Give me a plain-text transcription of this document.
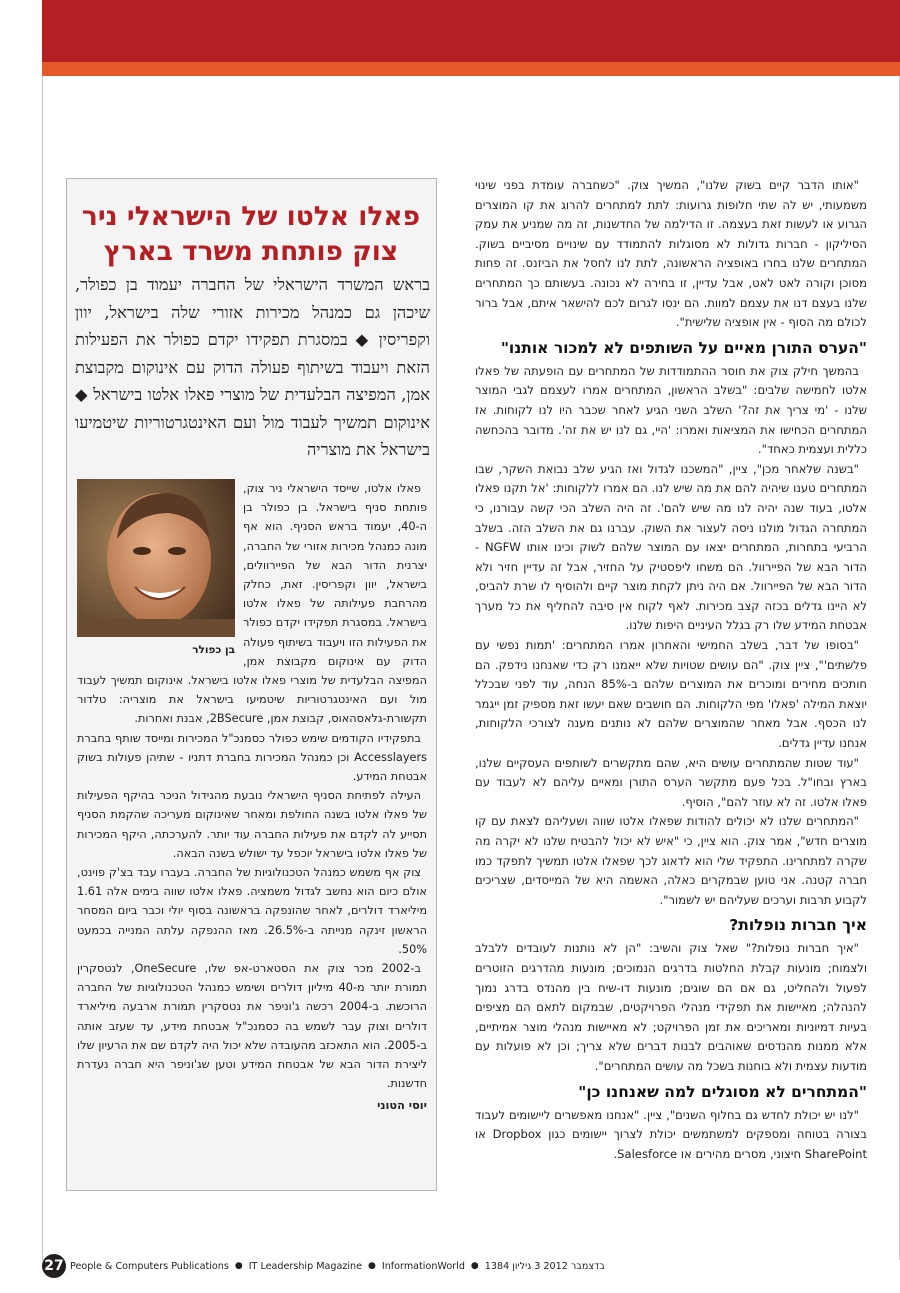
"אותו הדבר קיים בשוק שלנו", המשיך צוק. "כשחברה עומדת בפני שינוי משמעותי, יש לה שתי חלופות גרועות: לתת למתחרים להרוג את קו המוצרים הגרוע או לעשות זאת בעצמה. זו הדילמה של החדשנות, זה מה שמניע את עמק הסיליקון - חברות גדולות לא מסוגלות להתמודד עם שינויים מסיביים בשוק. המתחרים שלנו בחרו באופציה הראשונה, לתת לנו לחסל את הביזנס. זה פחות מסוכן וקורה לאט לאט, אבל עדיין, זו בחירה לא נכונה. בעשותם כך המתחרים שלנו בעצם דנו את עצמם למוות. הם ינסו לגרום לכם להישאר איתם, אבל ברור לכולם מה הסוף - אין אופציה שלישית".

"הערס התורן מאיים על השותפים לא למכור אותנו"

בהמשך חילק צוק את חוסר ההתמודדות של המתחרים עם הופעתה של פאלו אלטו לחמישה שלבים: "בשלב הראשון, המתחרים אמרו לעצמם לגבי המוצר שלנו - 'מי צריך את זה?' השלב השני הגיע לאחר שכבר היו לנו לקוחות. אז המתחרים הכחישו את המציאות ואמרו: 'היי, גם לנו יש את זה'. מדובר בהכחשה כללית ועצמית כאחד".

"בשנה שלאחר מכן", ציין, "המשכנו לגדול ואז הגיע שלב נבואת השקר, שבו המתחרים טענו שיהיה להם את מה שיש לנו. הם אמרו ללקוחות: 'אל תקנו פאלו אלטו, בעוד שנה יהיה לנו מה שיש להם'. זה היה השלב הכי קשה עבורנו, כי המתחרה הגדול מולנו ניסה לעצור את השוק. עברנו גם את השלב הזה. בשלב הרביעי בתחרות, המתחרים יצאו עם המוצר שלהם לשוק וכינו אותו NGFW - הדור הבא של הפיירוול. הם משחו ליפסטיק על החזיר, אבל זה עדיין חזיר ולא הדור הבא של הפיירוול. אם היה ניתן לקחת מוצר קיים ולהוסיף לו שרת להביס, לא היינו גדלים בכזה קצב מכירות. לאף לקוח אין סיבה להחליף את כל מערך אבטחת המידע שלו רק בגלל העיניים היפות שלנו.

"בסופו של דבר, בשלב החמישי והאחרון אמרו המתחרים: 'תמות נפשי עם פלשתים'", ציין צוק. "הם עושים שטויות שלא ייאמנו רק כדי שאנחנו נידפק. הם חותכים מחירים ומוכרים את המוצרים שלהם ב-85% הנחה, עוד לפני שבכלל יוצאת המילה 'פאלו' מפי הלקוחות. הם חושבים שאם יעשו זאת מספיק זמן ייגמר לנו הכסף. אבל מאחר שהמוצרים שלהם לא נותנים מענה לצורכי הלקוחות, אנחנו עדיין גדלים.

"עוד שטות שהמתחרים עושים היא, שהם מתקשרים לשותפים העסקיים שלנו, בארץ ובחו"ל. בכל פעם מתקשר הערס התורן ומאיים עליהם לא לעבוד עם פאלו אלטו. זה לא עוזר להם", הוסיף.

"המתחרים שלנו לא יכולים להודות שפאלו אלטו שווה ושעליהם לצאת עם קו מוצרים חדש", אמר צוק. הוא ציין, כי "איש לא יכול להבטיח שלנו לא יקרה מה שקרה למתחרינו. התפקיד שלי הוא לדאוג לכך שפאלו אלטו תמשיך לתפקד כמו חברה קטנה. אני טוען שבמקרים כאלה, האשמה היא של המייסדים, שצריכים לקבוע תרבות וערכים שעליהם יש לשמור".

איך חברות נופלות?

"איך חברות נופלות?" שאל צוק והשיב: "הן לא נותנות לעובדים ללבלב ולצמוח; מונעות קבלת החלטות בדרגים הנמוכים; מונעות מהדרגים הזוטרים לפעול ולהחליט, גם אם הם שוגים; מונעות דו-שיח בין מהנדס בדרג נמוך להנהלה; מאיישות את תפקידי מנהלי הפרויקטים, שבמקום לתאם הם מציפים בעיות דמיוניות ומאריכים את זמן הפרויקט; לא מאיישות מנהלי מוצר אמיתיים, אלא ממנות מהנדסים שאוהבים לבנות דברים שלא צריך; וכן לא פועלות עם מודעות עצמית ולא בוחנות בשכל מה עושים המתחרים".

"המתחרים לא מסוגלים למה שאנחנו כן"

"לנו יש יכולת לחדש גם בחלוף השנים", ציין. "אנחנו מאפשרים ליישומים לעבוד בצורה בטוחה ומספקים למשתמשים יכולת לצרוך יישומים כגון Dropbox או SharePoint חיצוני, מסרים מהירים או Salesforce.

פאלו אלטו של הישראלי ניר צוק פותחת משרד בארץ
בראש המשרד הישראלי של החברה יעמוד בן כפולר, שיכהן גם כמנהל מכירות אזורי שלה בישראל, יוון וקפריסין ◆ במסגרת תפקידו יקדם כפולר את הפעילות הזאת ויעבוד בשיתוף פעולה הדוק עם אינוקום מקבוצת אמן, המפיצה הבלעדית של מוצרי פאלו אלטו בישראל ◆ אינוקום תמשיך לעבוד מול ועם האינטגרטוריות שיטמיעו בישראל את מוצריה
בן כפולר

פאלו אלטו, שייסד הישראלי ניר צוק, פותחת סניף בישראל. בן כפולר בן ה-40, יעמוד בראש הסניף. הוא אף מונה כמנהל מכירות אזורי של החברה, יצרנית הדור הבא של הפיירוולים, בישראל, יוון וקפריסין. זאת, כחלק מהרחבת פעילותה של פאלו אלטו בישראל. במסגרת תפקידו יקדם כפולר את הפעילות הזו ויעבוד בשיתוף פעולה הדוק עם אינוקום מקבוצת אמן, המפיצה הבלעדית של מוצרי פאלו אלטו בישראל. אינוקום תמשיך לעבוד מול ועם האינטגרטוריות שיטמיעו בישראל את מוצריה: טלדור תקשורת-גלאסהאוס, קבוצת אמן, 2BSecure, אבנת ואחרות.

בתפקידיו הקודמים שימש כפולר כסמנכ"ל המכירות ומייסד שותף בחברת Accesslayers וכן כמנהל המכירות בחברת דתניו - שתיהן פעולות בשוק אבטחת המידע.

העילה לפתיחת הסניף הישראלי נובעת מהגידול הניכר בהיקף הפעילות של פאלו אלטו בשנה החולפת ומאחר שאינוקום מעריכה שהקמת הסניף תסייע לה לקדם את פעילות החברה עוד יותר. להערכתה, היקף המכירות של פאלו אלטו בישראל יוכפל עד ישולש בשנה הבאה.

צוק אף משמש כמנהל הטכנולוגיות של החברה. בעברו עבד בצ'ק פוינט, אולם כיום הוא נחשב לגדול משמציה. פאלו אלטו שווה בימים אלה 1.61 מיליארד דולרים, לאחר שהונפקה בראשונה בסוף יולי וכבר ביום המסחר הראשון זינקה מנייתה ב-26.5%. מאז ההנפקה עלתה המנייה בכמעט 50%.

ב-2002 מכר צוק את הסטארט-אפ שלו, OneSecure, לנטסקרין תמורת יותר מ-40 מיליון דולרים ושימש כמנהל הטכנולוגיות של החברה הרוכשת. ב-2004 רכשה ג'וניפר את נטסקרין תמורת ארבעה מיליארד דולרים וצוק עבר לשמש בה כסמנכ"ל אבטחת מידע, עד שעזב אותה ב-2005. הוא התאכזב מהעובדה שלא יכול היה לקדם שם את הרעיון שלו ליצירת הדור הבא של אבטחת המידע וטען שג'וניפר היא חברה נעדרת חדשנות.

יוסי הטוני
27 People & Computers Publications ● IT Leadership Magazine ● InformationWorld ● גיליון 1384 ‎3 בדצמבר 2012
